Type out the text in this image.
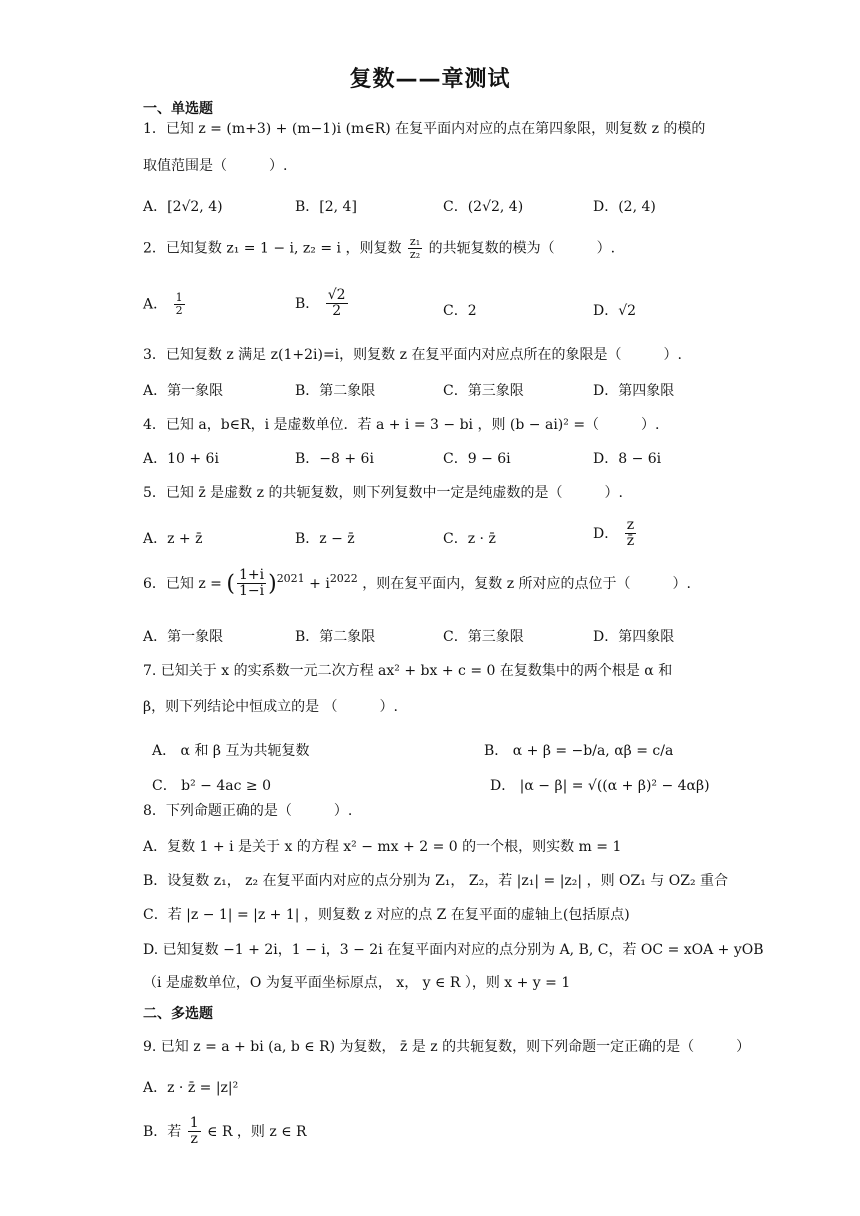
复数——章测试
一、单选题
1．已知 z = (m+3) + (m−1)i (m∈R) 在复平面内对应的点在第四象限，则复数 z 的模的
取值范围是（　　　）.
A．[2√2, 4)	B．[2, 4]	C．(2√2, 4)	D．(2, 4)
2．已知复数 z₁ = 1 − i, z₂ = i ，则复数 $\frac{\text{z₁}}{\text{z₂}}$ 的共轭复数的模为（　　　）.
A． $\frac{1}{2}$	B． $\frac{√2}{2}$	C．2	D．√2
3．已知复数 z 满足 z(1+2i)=i，则复数 z 在复平面内对应点所在的象限是（　　　）.
A．第一象限	B．第二象限	C．第三象限	D．第四象限
4．已知 a，b∈R，i 是虚数单位．若 a + i = 3 − bi ，则 (b − ai)² =（　　　）.
A．10 + 6i	B．−8 + 6i	C．9 − 6i	D．8 − 6i
5．已知 z̄ 是虚数 z 的共轭复数，则下列复数中一定是纯虚数的是（　　　）.
A．z + z̄	B．z − z̄	C．z · z̄	D． $\frac{z}{z̄}$
6．已知 z = ( $\frac{1+i}{1-i} )^{2021} + i^{2022}$ ，则在复平面内，复数 z 所对应的点位于（　　　）.
A．第一象限	B．第二象限	C．第三象限	D．第四象限
7. 已知关于 x 的实系数一元二次方程 ax² + bx + c = 0 在复数集中的两个根是 α 和
β，则下列结论中恒成立的是 （　　　）.
A． α 和 β 互为共轭复数	B． α + β = −b/a, αβ = c/a
C． b² − 4ac ≥ 0	D． |α − β| = √((α + β)² − 4αβ)
8．下列命题正确的是（　　　）.
A．复数 1 + i 是关于 x 的方程 x² − mx + 2 = 0 的一个根，则实数 m = 1
B．设复数 z₁， z₂ 在复平面内对应的点分别为 Z₁， Z₂，若 |z₁| = |z₂| ，则 OZ₁ 与 OZ₂ 重合
C．若 |z − 1| = |z + 1| ，则复数 z 对应的点 Z 在复平面的虚轴上(包括原点)
D. 已知复数 −1 + 2i，1 − i，3 − 2i 在复平面内对应的点分别为 A, B, C，若 OC = xOA + yOB
（i 是虚数单位，O 为复平面坐标原点， x， y ∈ R ），则 x + y = 1
二、多选题
9. 已知 z = a + bi (a, b ∈ R) 为复数， z̄ 是 z 的共轭复数，则下列命题一定正确的是（　　　）
A．z · z̄ = |z|²
B．若 $\frac{1}{z}$ ∈ R ，则 z ∈ R
